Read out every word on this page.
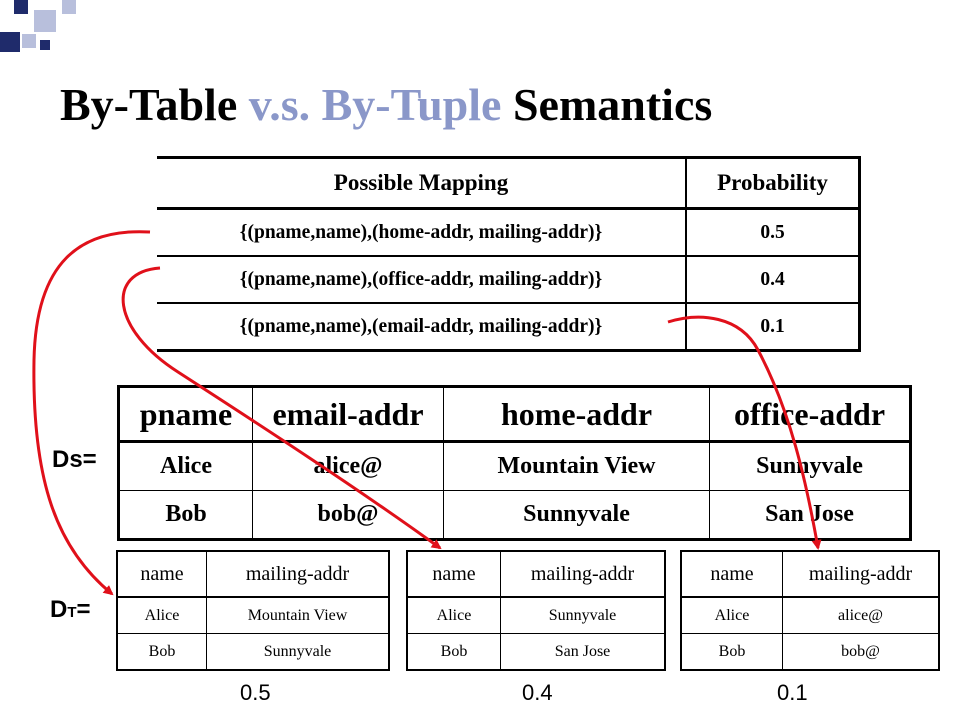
By-Table v.s. By-Tuple Semantics
Possible Mapping	Probability
{(pname,name),(home-addr, mailing-addr)}	0.5
{(pname,name),(office-addr, mailing-addr)}	0.4
{(pname,name),(email-addr, mailing-addr)}	0.1
Ds=
pname	email-addr	home-addr	office-addr
Alice	alice@	Mountain View	Sunnyvale
Bob	bob@	Sunnyvale	San Jose
DT=
name	mailing-addr
Alice	Mountain View
Bob	Sunnyvale
name	mailing-addr
Alice	Sunnyvale
Bob	San Jose
name	mailing-addr
Alice	alice@
Bob	bob@
0.5	0.4	0.1
